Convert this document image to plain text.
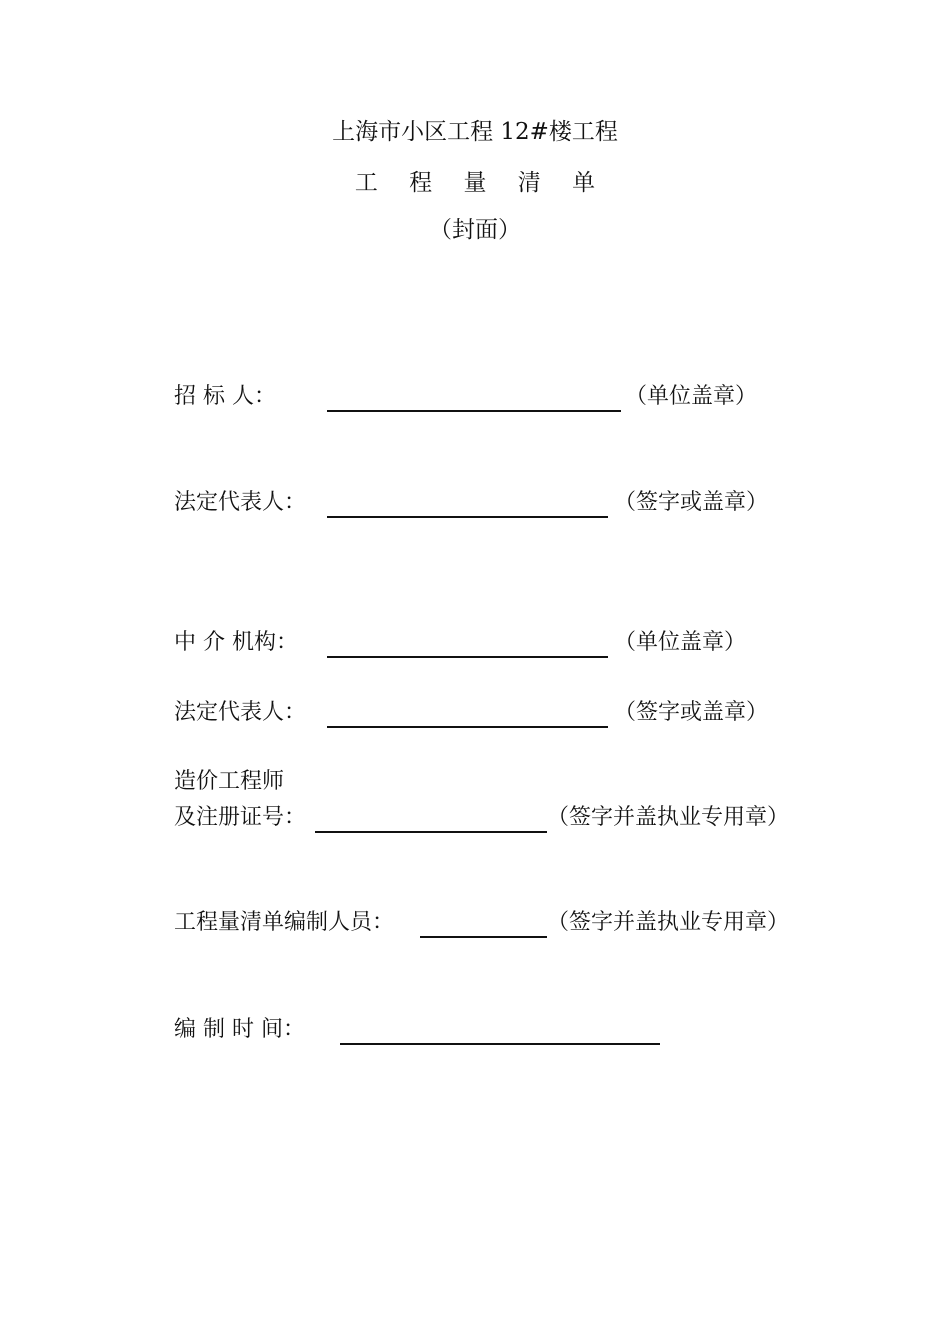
上海市小区工程 12#楼工程
工 程 量 清 单
（封面）
招 标 人：	（单位盖章）
法定代表人：	（签字或盖章）
中 介 机构：	（单位盖章）
法定代表人：	（签字或盖章）
造价工程师
及注册证号：	（签字并盖执业专用章）
工程量清单编制人员：	（签字并盖执业专用章）
编 制 时 间：
